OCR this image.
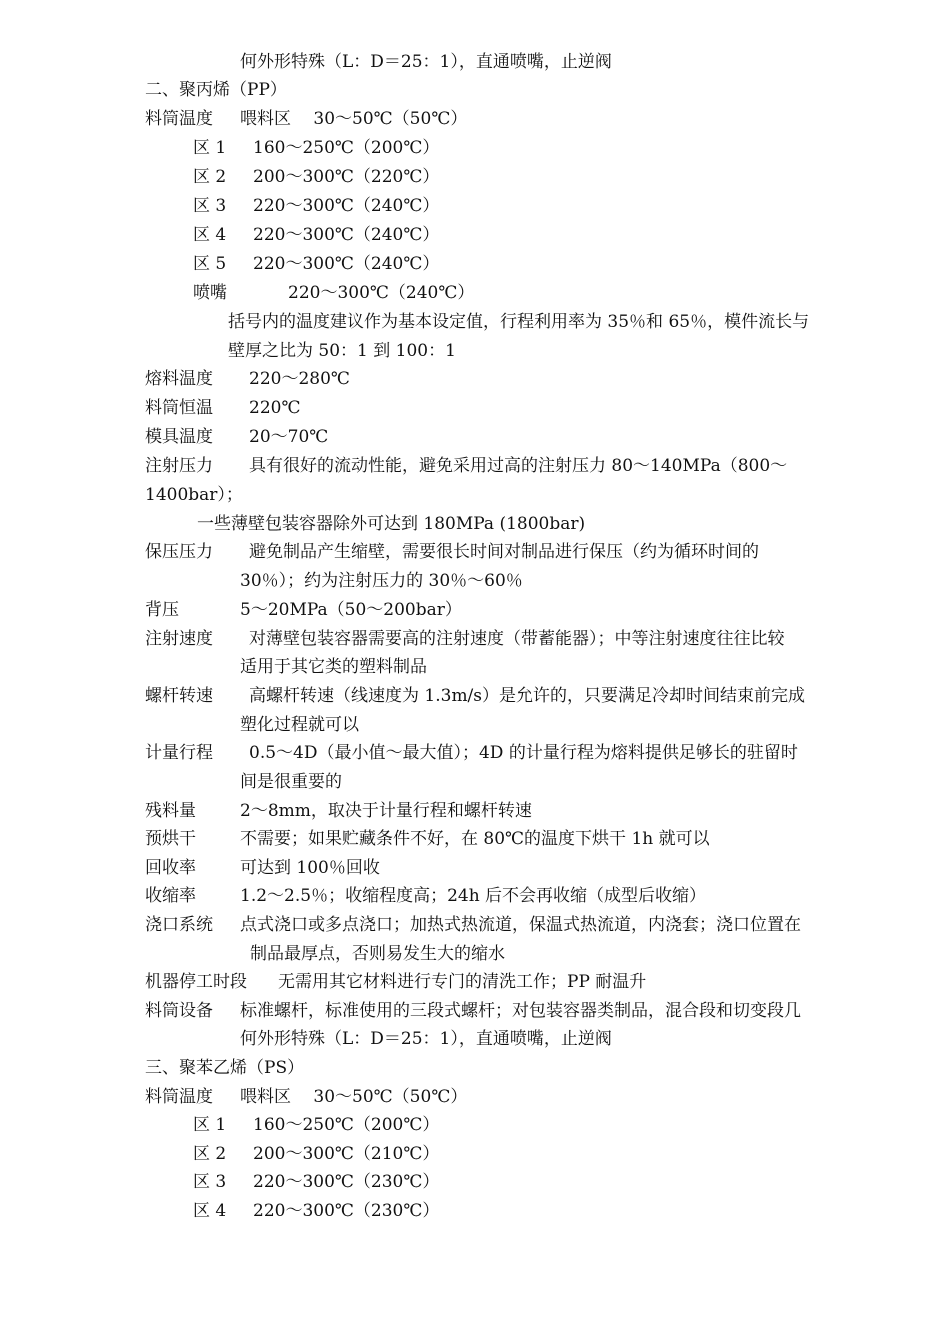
何外形特殊（L：D＝25：1），直通喷嘴，止逆阀
二、聚丙烯（PP）
料筒温度 喂料区　 30～50℃（50℃）
区 1 160～250℃（200℃）
区 2 200～300℃（220℃）
区 3 220～300℃（240℃）
区 4 220～300℃（240℃）
区 5 220～300℃（240℃）
喷嘴	220～300℃（240℃）
括号内的温度建议作为基本设定值，行程利用率为 35％和 65％，模件流长与
壁厚之比为 50：1 到 100：1
熔料温度 220～280℃
料筒恒温 220℃
模具温度 20～70℃
注射压力 具有很好的流动性能，避免采用过高的注射压力 80～140MPa（800～
1400bar）；
一些薄壁包装容器除外可达到 180MPa (1800bar)
保压压力 避免制品产生缩壁，需要很长时间对制品进行保压（约为循环时间的
30％）；约为注射压力的 30％～60％
背压	5～20MPa（50～200bar）
注射速度 对薄壁包装容器需要高的注射速度（带蓄能器）；中等注射速度往往比较
适用于其它类的塑料制品
螺杆转速 高螺杆转速（线速度为 1.3m/s）是允许的，只要满足冷却时间结束前完成
塑化过程就可以
计量行程 0.5～4D（最小值～最大值）；4D 的计量行程为熔料提供足够长的驻留时
间是很重要的
残料量	2～8mm，取决于计量行程和螺杆转速
预烘干	不需要；如果贮藏条件不好，在 80℃的温度下烘干 1h 就可以
回收率	可达到 100％回收
收缩率	1.2～2.5％；收缩程度高；24h 后不会再收缩（成型后收缩）
浇口系统 点式浇口或多点浇口；加热式热流道，保温式热流道，内浇套；浇口位置在
制品最厚点，否则易发生大的缩水
机器停工时段 无需用其它材料进行专门的清洗工作；PP 耐温升
料筒设备 标准螺杆，标准使用的三段式螺杆；对包装容器类制品，混合段和切变段几
何外形特殊（L：D＝25：1），直通喷嘴，止逆阀
三、聚苯乙烯（PS）
料筒温度 喂料区　 30～50℃（50℃）
区 1 160～250℃（200℃）
区 2 200～300℃（210℃）
区 3 220～300℃（230℃）
区 4 220～300℃（230℃）
